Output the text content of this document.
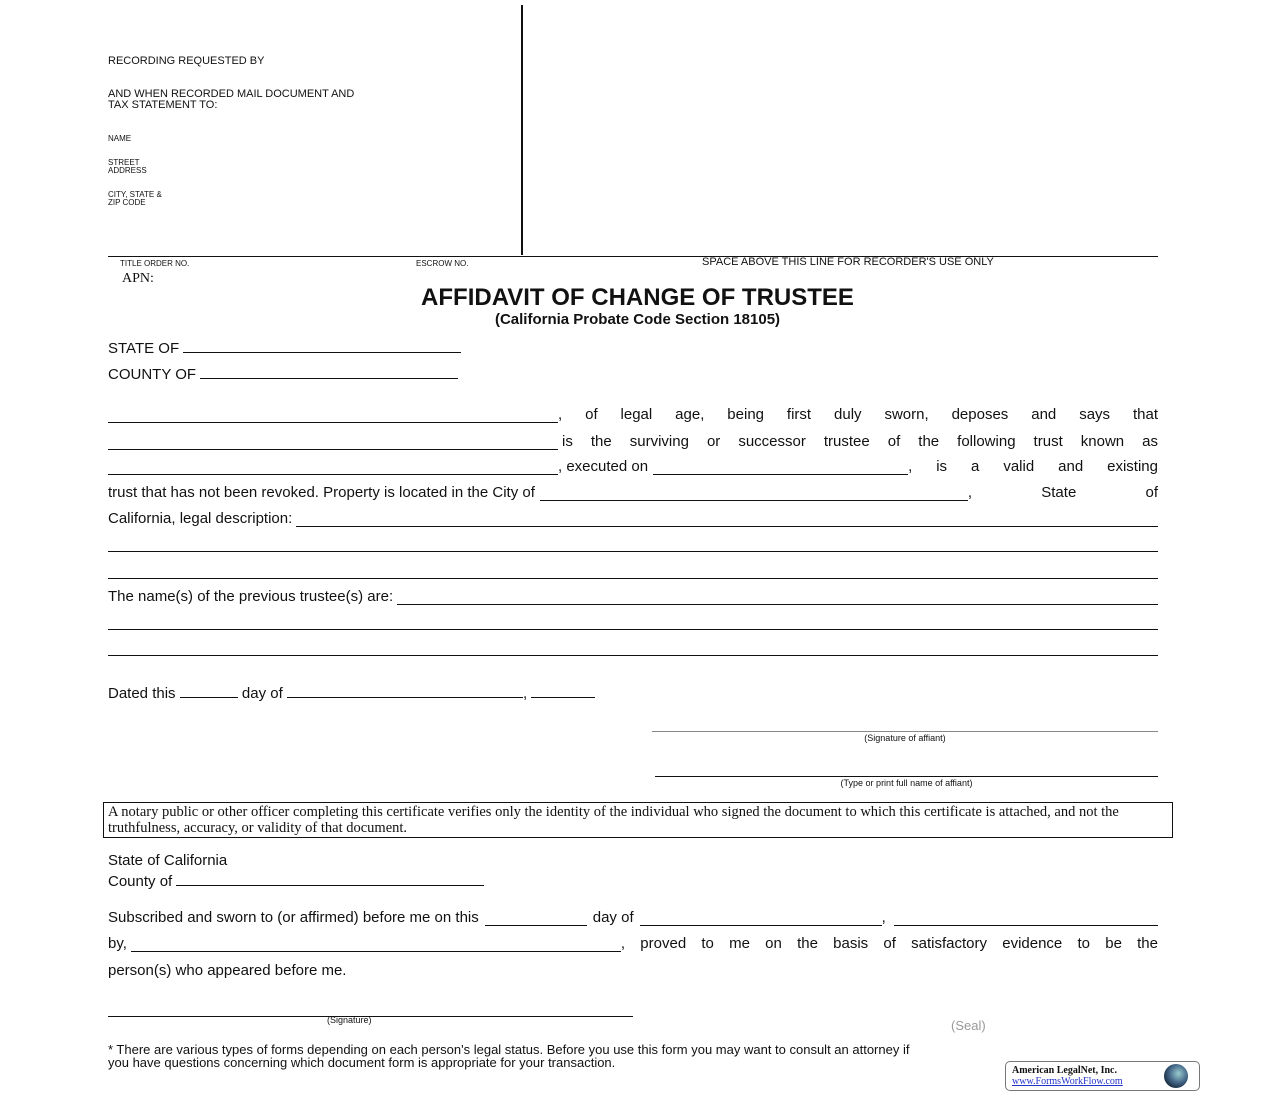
RECORDING REQUESTED BY
AND WHEN RECORDED MAIL DOCUMENT AND
TAX STATEMENT TO:
NAME
STREET
ADDRESS
CITY, STATE &
ZIP CODE
TITLE ORDER NO.	ESCROW NO.	SPACE ABOVE THIS LINE FOR RECORDER'S USE ONLY
APN:
AFFIDAVIT OF CHANGE OF TRUSTEE
(California Probate Code Section 18105)
STATE OF
COUNTY OF
, of legal age, being first duly sworn, deposes and says that
is the surviving or successor trustee of the following trust known as
, executed on	, is a valid and existing
trust that has not been revoked. Property is located in the City of	, State of
California, legal description:
The name(s) of the previous trustee(s) are:
Dated this	day of	,
(Signature of affiant)
(Type or print full name of affiant)
A notary public or other officer completing this certificate verifies only the identity of the individual who signed the document to which this certificate is attached, and not the truthfulness, accuracy, or validity of that document.
State of California
County of
Subscribed and sworn to (or affirmed) before me on this	day of	,
by,	, proved to me on the basis of satisfactory evidence to be the
person(s) who appeared before me.
(Signature)	(Seal)
* There are various types of forms depending on each person's legal status. Before you use this form you may want to consult an attorney if
you have questions concerning which document form is appropriate for your transaction.
American LegalNet, Inc.
www.FormsWorkFlow.com
